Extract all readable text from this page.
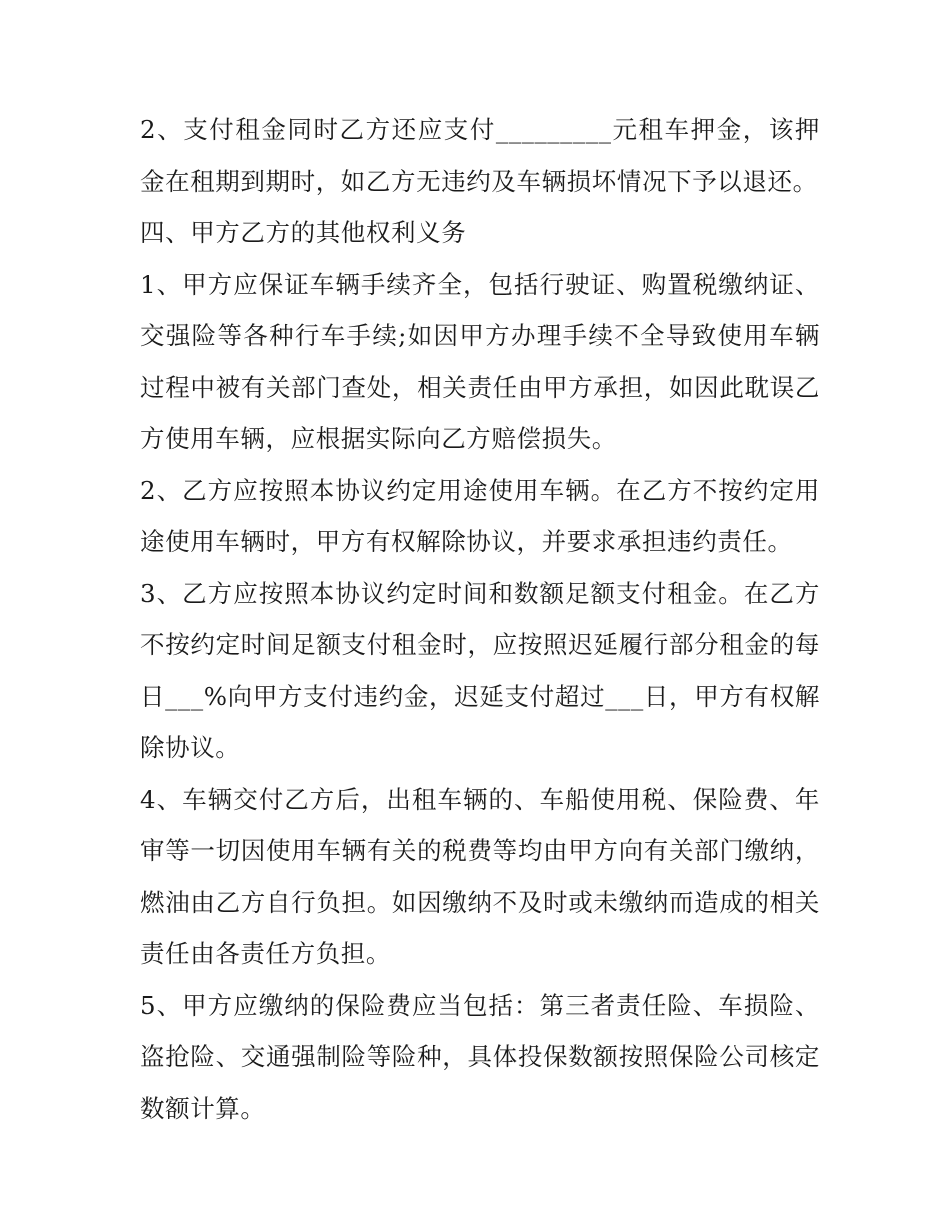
2、支付租金同时乙方还应支付_________元租车押金，该押金在租期到期时，如乙方无违约及车辆损坏情况下予以退还。

四、甲方乙方的其他权利义务

1、甲方应保证车辆手续齐全，包括行驶证、购置税缴纳证、交强险等各种行车手续;如因甲方办理手续不全导致使用车辆过程中被有关部门查处，相关责任由甲方承担，如因此耽误乙方使用车辆，应根据实际向乙方赔偿损失。

2、乙方应按照本协议约定用途使用车辆。在乙方不按约定用途使用车辆时，甲方有权解除协议，并要求承担违约责任。

3、乙方应按照本协议约定时间和数额足额支付租金。在乙方不按约定时间足额支付租金时，应按照迟延履行部分租金的每日___%向甲方支付违约金，迟延支付超过___日，甲方有权解除协议。

4、车辆交付乙方后，出租车辆的、车船使用税、保险费、年审等一切因使用车辆有关的税费等均由甲方向有关部门缴纳，燃油由乙方自行负担。如因缴纳不及时或未缴纳而造成的相关责任由各责任方负担。

5、甲方应缴纳的保险费应当包括：第三者责任险、车损险、盗抢险、交通强制险等险种，具体投保数额按照保险公司核定数额计算。
